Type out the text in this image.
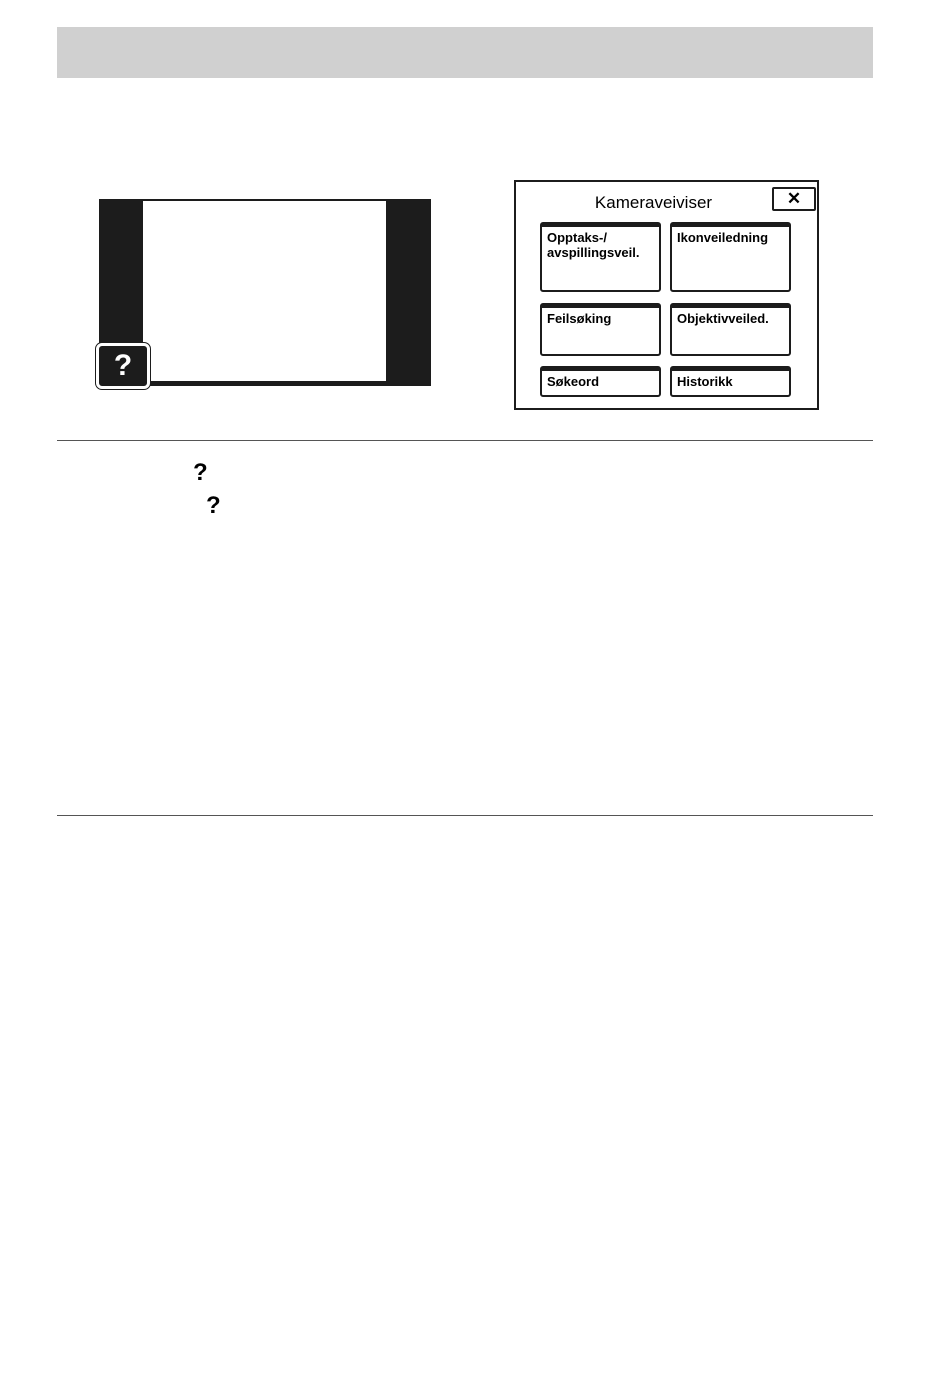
?
Kameraveiviser	✕
Opptaks-/
avspillingsveil.
Ikonveiledning
Feilsøking	Objektivveiled.
Søkeord	Historikk
?
?
